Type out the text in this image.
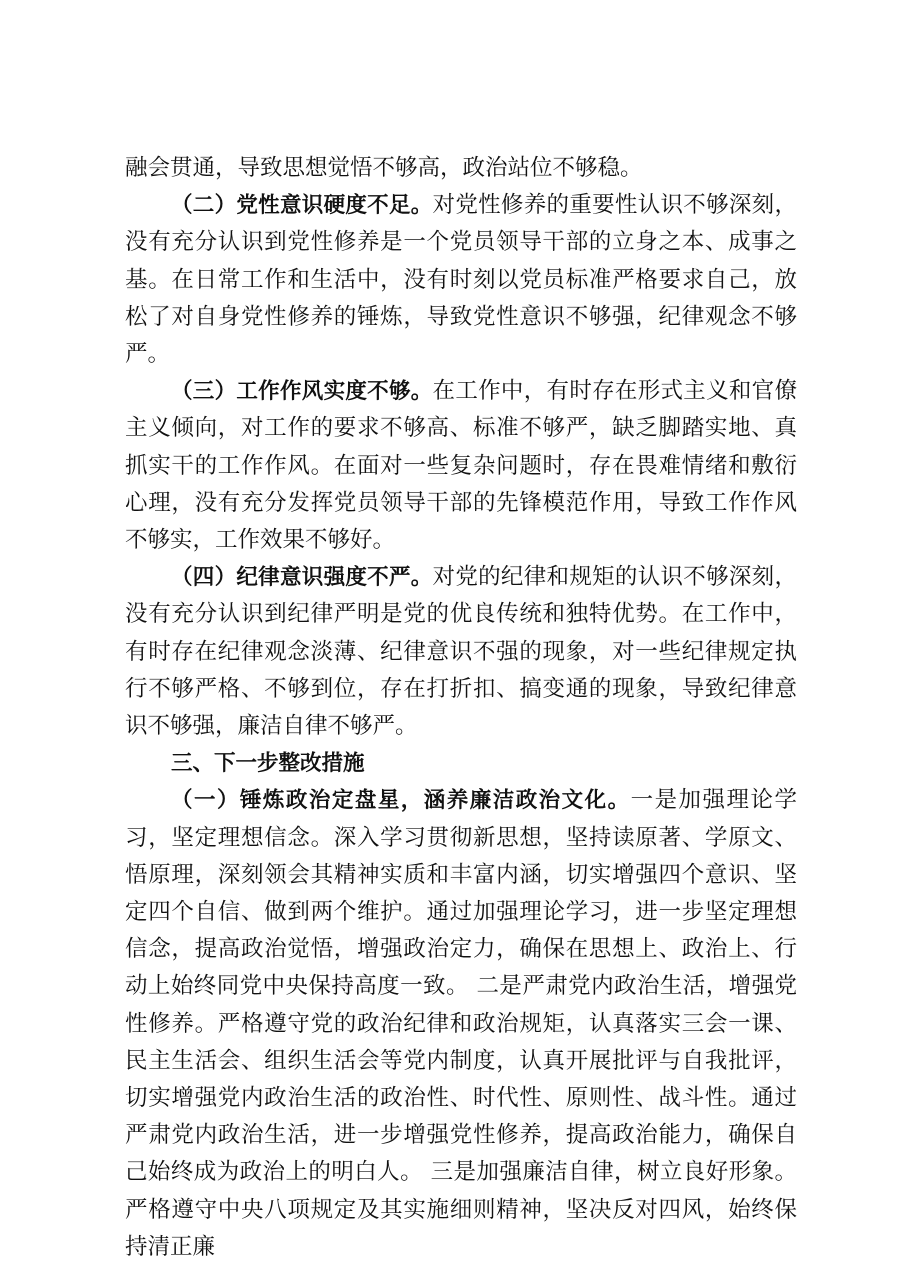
融会贯通，导致思想觉悟不够高，政治站位不够稳。

（二）党性意识硬度不足。对党性修养的重要性认识不够深刻，没有充分认识到党性修养是一个党员领导干部的立身之本、成事之基。在日常工作和生活中，没有时刻以党员标准严格要求自己，放松了对自身党性修养的锤炼，导致党性意识不够强，纪律观念不够严。

（三）工作作风实度不够。在工作中，有时存在形式主义和官僚主义倾向，对工作的要求不够高、标准不够严，缺乏脚踏实地、真抓实干的工作作风。在面对一些复杂问题时，存在畏难情绪和敷衍心理，没有充分发挥党员领导干部的先锋模范作用，导致工作作风不够实，工作效果不够好。

（四）纪律意识强度不严。对党的纪律和规矩的认识不够深刻，没有充分认识到纪律严明是党的优良传统和独特优势。在工作中，有时存在纪律观念淡薄、纪律意识不强的现象，对一些纪律规定执行不够严格、不够到位，存在打折扣、搞变通的现象，导致纪律意识不够强，廉洁自律不够严。

三、下一步整改措施

（一）锤炼政治定盘星，涵养廉洁政治文化。一是加强理论学习，坚定理想信念。深入学习贯彻新思想，坚持读原著、学原文、悟原理，深刻领会其精神实质和丰富内涵，切实增强四个意识、坚定四个自信、做到两个维护。通过加强理论学习，进一步坚定理想信念，提高政治觉悟，增强政治定力，确保在思想上、政治上、行动上始终同党中央保持高度一致。 二是严肃党内政治生活，增强党性修养。严格遵守党的政治纪律和政治规矩，认真落实三会一课、民主生活会、组织生活会等党内制度，认真开展批评与自我批评，切实增强党内政治生活的政治性、时代性、原则性、战斗性。通过严肃党内政治生活，进一步增强党性修养，提高政治能力，确保自己始终成为政治上的明白人。 三是加强廉洁自律，树立良好形象。严格遵守中央八项规定及其实施细则精神，坚决反对四风，始终保持清正廉
